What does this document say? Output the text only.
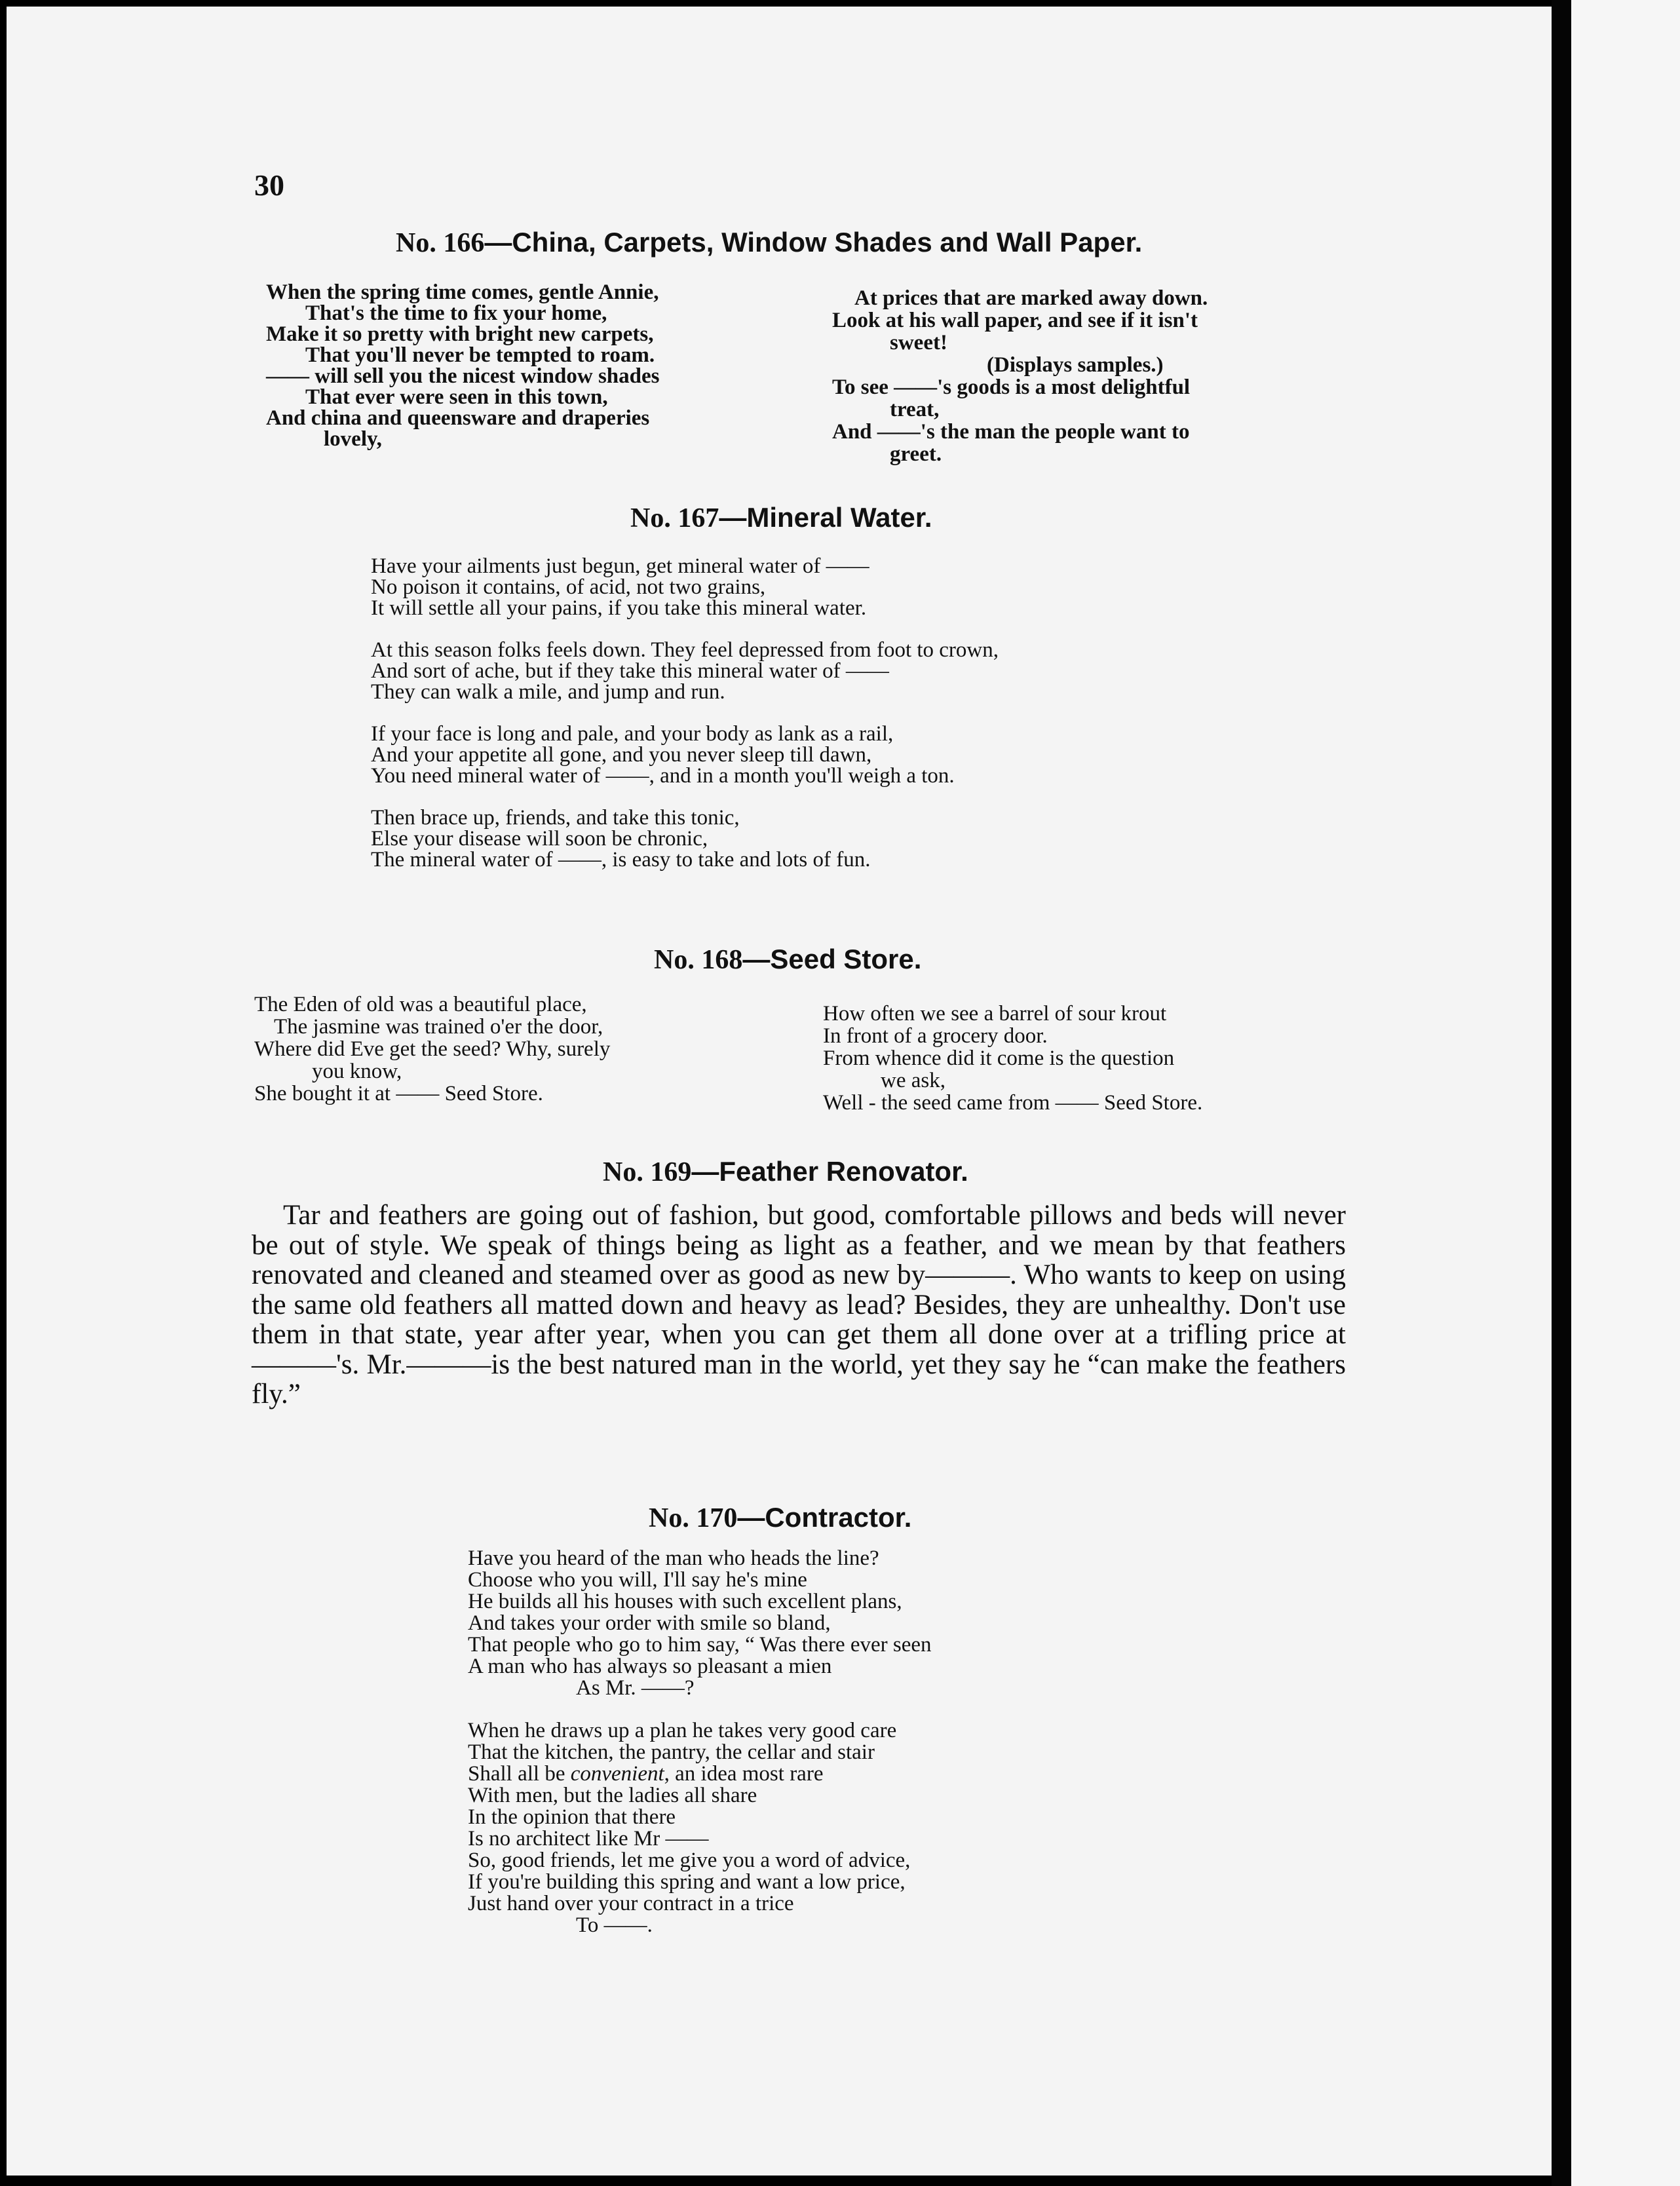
30
No. 166—China, Carpets, Window Shades and Wall Paper.
When the spring time comes, gentle Annie,
That's the time to fix your home,
Make it so pretty with bright new carpets,
That you'll never be tempted to roam.
—— will sell you the nicest window shades
That ever were seen in this town,
And china and queensware and draperies
lovely,
At prices that are marked away down.
Look at his wall paper, and see if it isn't
sweet!
(Displays samples.)
To see ——'s goods is a most delightful
treat,
And ——'s the man the people want to
greet.
No. 167—Mineral Water.
Have your ailments just begun, get mineral water of ——
No poison it contains, of acid, not two grains,
It will settle all your pains, if you take this mineral water.
At this season folks feels down. They feel depressed from foot to crown,
And sort of ache, but if they take this mineral water of ——
They can walk a mile, and jump and run.
If your face is long and pale, and your body as lank as a rail,
And your appetite all gone, and you never sleep till dawn,
You need mineral water of ——, and in a month you'll weigh a ton.
Then brace up, friends, and take this tonic,
Else your disease will soon be chronic,
The mineral water of ——, is easy to take and lots of fun.
No. 168—Seed Store.
The Eden of old was a beautiful place,
The jasmine was trained o'er the door,
Where did Eve get the seed? Why, surely
you know,
She bought it at —— Seed Store.
How often we see a barrel of sour krout
In front of a grocery door.
From whence did it come is the question
we ask,
Well - the seed came from —— Seed Store.
No. 169—Feather Renovator.
Tar and feathers are going out of fashion, but good, comfortable pillows and beds will never be out of style. We speak of things being as light as a feather, and we mean by that feathers renovated and cleaned and steamed over as good as new by———. Who wants to keep on using the same old feathers all matted down and heavy as lead? Besides, they are unhealthy. Don't use them in that state, year after year, when you can get them all done over at a trifling price at———'s. Mr.———is the best natured man in the world, yet they say he “can make the feathers fly.”
No. 170—Contractor.
Have you heard of the man who heads the line?
Choose who you will, I'll say he's mine
He builds all his houses with such excellent plans,
And takes your order with smile so bland,
That people who go to him say, “ Was there ever seen
A man who has always so pleasant a mien
As Mr. ——?
When he draws up a plan he takes very good care
That the kitchen, the pantry, the cellar and stair
Shall all be convenient, an idea most rare
With men, but the ladies all share
In the opinion that there
Is no architect like Mr ——
So, good friends, let me give you a word of advice,
If you're building this spring and want a low price,
Just hand over your contract in a trice
To ——.
